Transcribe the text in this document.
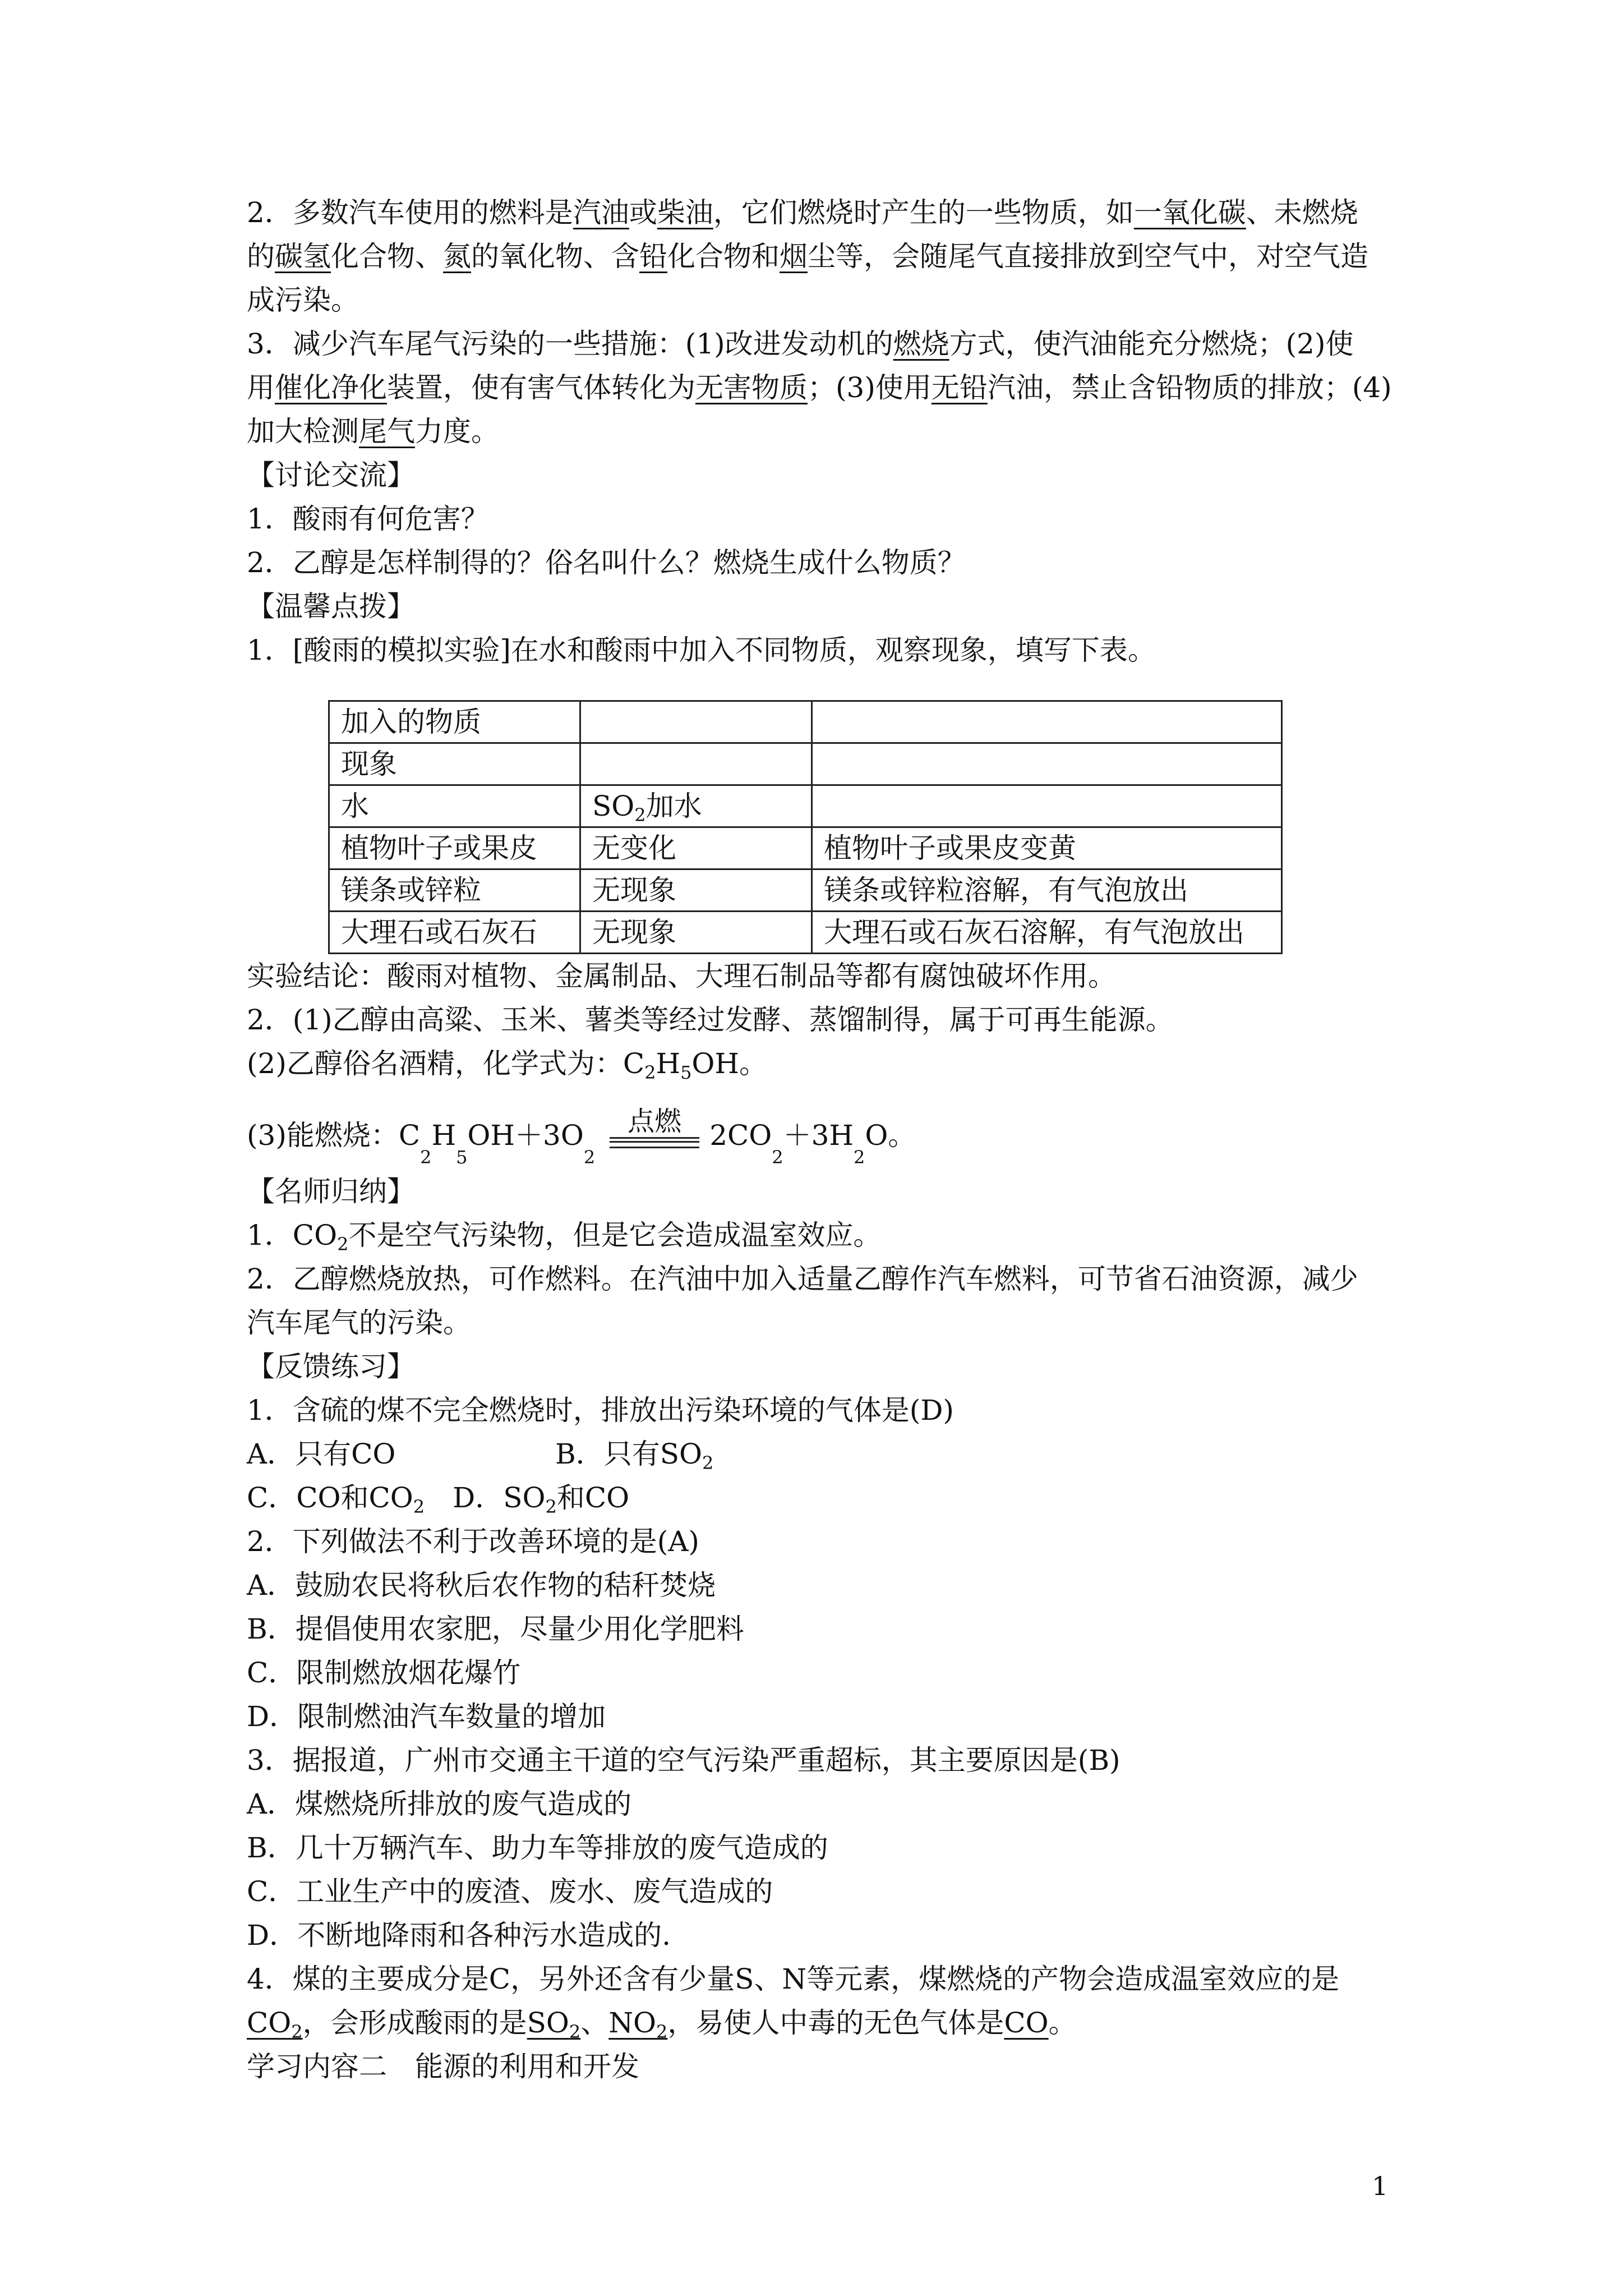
2．多数汽车使用的燃料是汽油或柴油，它们燃烧时产生的一些物质，如一氧化碳、未燃烧

的碳氢化合物、氮的氧化物、含铅化合物和烟尘等，会随尾气直接排放到空气中，对空气造

成污染。

3．减少汽车尾气污染的一些措施：(1)改进发动机的燃烧方式，使汽油能充分燃烧；(2)使

用催化净化装置，使有害气体转化为无害物质；(3)使用无铅汽油，禁止含铅物质的排放；(4)

加大检测尾气力度。

【讨论交流】

1．酸雨有何危害？

2．乙醇是怎样制得的？俗名叫什么？燃烧生成什么物质？

【温馨点拨】

1．[酸雨的模拟实验]在水和酸雨中加入不同物质，观察现象，填写下表。

加入的物质		
现象		
水	$SO_2$加水	
植物叶子或果皮	无变化	植物叶子或果皮变黄
镁条或锌粒	无现象	镁条或锌粒溶解，有气泡放出
大理石或石灰石	无现象	大理石或石灰石溶解，有气泡放出

实验结论：酸雨对植物、金属制品、大理石制品等都有腐蚀破坏作用。

2．(1)乙醇由高粱、玉米、薯类等经过发酵、蒸馏制得，属于可再生能源。

(2)乙醇俗名酒精，化学式为：$C_2H_5OH$。

(3)能燃烧：C
2
H
5
OH＋3O
2
点燃 2CO
2
＋3H
2
O。

【名师归纳】

1．$CO_2$不是空气污染物，但是它会造成温室效应。

2．乙醇燃烧放热，可作燃料。在汽油中加入适量乙醇作汽车燃料，可节省石油资源，减少

汽车尾气的污染。

【反馈练习】

1．含硫的煤不完全燃烧时，排放出污染环境的气体是(D)

A．只有CO	B．只有$SO_2$

C．CO和$CO_2$　 D．$SO_2$和CO

2．下列做法不利于改善环境的是(A)

A．鼓励农民将秋后农作物的秸秆焚烧

B．提倡使用农家肥，尽量少用化学肥料

C．限制燃放烟花爆竹

D．限制燃油汽车数量的增加

3．据报道，广州市交通主干道的空气污染严重超标，其主要原因是(B)

A．煤燃烧所排放的废气造成的

B．几十万辆汽车、助力车等排放的废气造成的

C．工业生产中的废渣、废水、废气造成的

D．不断地降雨和各种污水造成的.

4．煤的主要成分是C，另外还含有少量S、N等元素，煤燃烧的产物会造成温室效应的是

$CO_2$，会形成酸雨的是$SO_2$、$NO_2$，易使人中毒的无色气体是CO。

学习内容二　能源的利用和开发

1
